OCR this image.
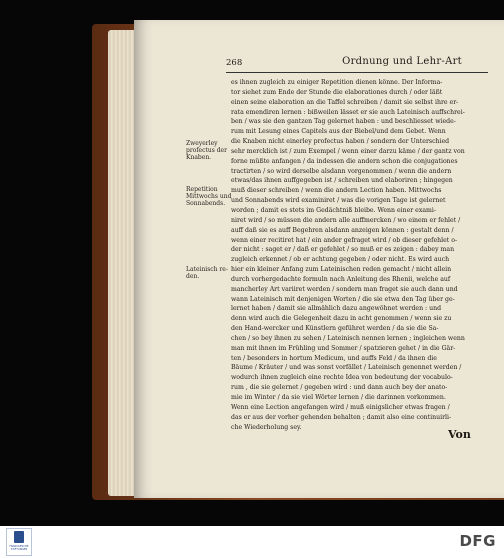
268	Ordnung und Lehr-Art
Zweyerley profectus der Knaben.
Repetition Mittwochs und Sonnabends.
Lateinisch re-den.
es ihnen zugleich zu einiger Repetition dienen könne. Der Informa-
tor siehet zum Ende der Stunde die elaborationes durch / oder läßt
einen seine elaboration an die Taffel schreiben / damit sie selbst ihre er-
rata emendiren lernen : bißweilen lässet er sie auch Lateinisch auffschrei-
ben / was sie den gantzen Tag gelernet haben : und beschliesset wiede-
rum mit Lesung eines Capitels aus der Biebel/und dem Gebet. Wenn
die Knaben nicht einerley profectus haben / sondern der Unterschied
sehr mercklich ist / zum Exempel / wenn einer darzu käme / der gantz von
forne müßte anfangen / da indessen die andern schon die conjugationes
tractirten / so wird derselbe alsdann vorgenommen / wenn die andern
etwas/das ihnen auffgegeben ist / schreiben und elaboriren ; hingegen
muß dieser schreiben / wenn die andern Lection haben. Mittwochs
und Sonnabends wird examiniret / was die vorigen Tage ist gelernet
worden ; damit es stets im Gedächtniß bleibe. Wenn einer exami-
niret wird / so müssen die andern alle auffmercken / wo einem er fehlet /
auff daß sie es auff Begehren alsdann anzeigen können : gestalt denn /
wenn einer recitiret hat / ein ander gefraget wird / ob dieser gefehlet o-
der nicht : saget er / daß er gefehlet / so muß er es zeigen : dabey man
zugleich erkennet / ob er achtung gegeben / oder nicht. Es wird auch
hier ein kleiner Anfang zum Lateinischen reden gemacht / nicht allein
durch vorhergedachte formuln nach Anleitung des Rhenii, welche auf
mancherley Art variiret werden / sondern man fraget sie auch dann und
wann Lateinisch mit denjenigen Worten / die sie etwa den Tag über ge-
lernet haben / damit sie allmählich dazu angewöhnet werden : und
denn wird auch die Gelegenheit dazu in acht genommen / wenn sie zu
den Hand-wercker und Künstlern geführet werden / da sie die Sa-
chen / so bey ihnen zu sehen / Lateinisch nennen lernen ; ingleichen wenn
man mit ihnen im Frühling und Sommer / spatzieren gehet / in die Gär-
ten / besonders in hortum Medicum, und auffs Feld / da ihnen die
Bäume / Kräuter / und was sonst vorfället / Lateinisch genennet werden /
wodurch ihnen zugleich eine rechte Idea von bedeutung der vocabulo-
rum , die sie gelernet / gegeben wird : und dann auch bey der anato-
mie im Winter / da sie viel Wörter lernen / die darinnen vorkommen.
Wenn eine Lection angefangen wird / muß einigslicher etwas fragen /
das er aus der vorher gehenden behalten ; damit also eine continuirli-
che Wiederholung sey.
Von
FRANCKESCHE STIFTUNGEN	DFG
